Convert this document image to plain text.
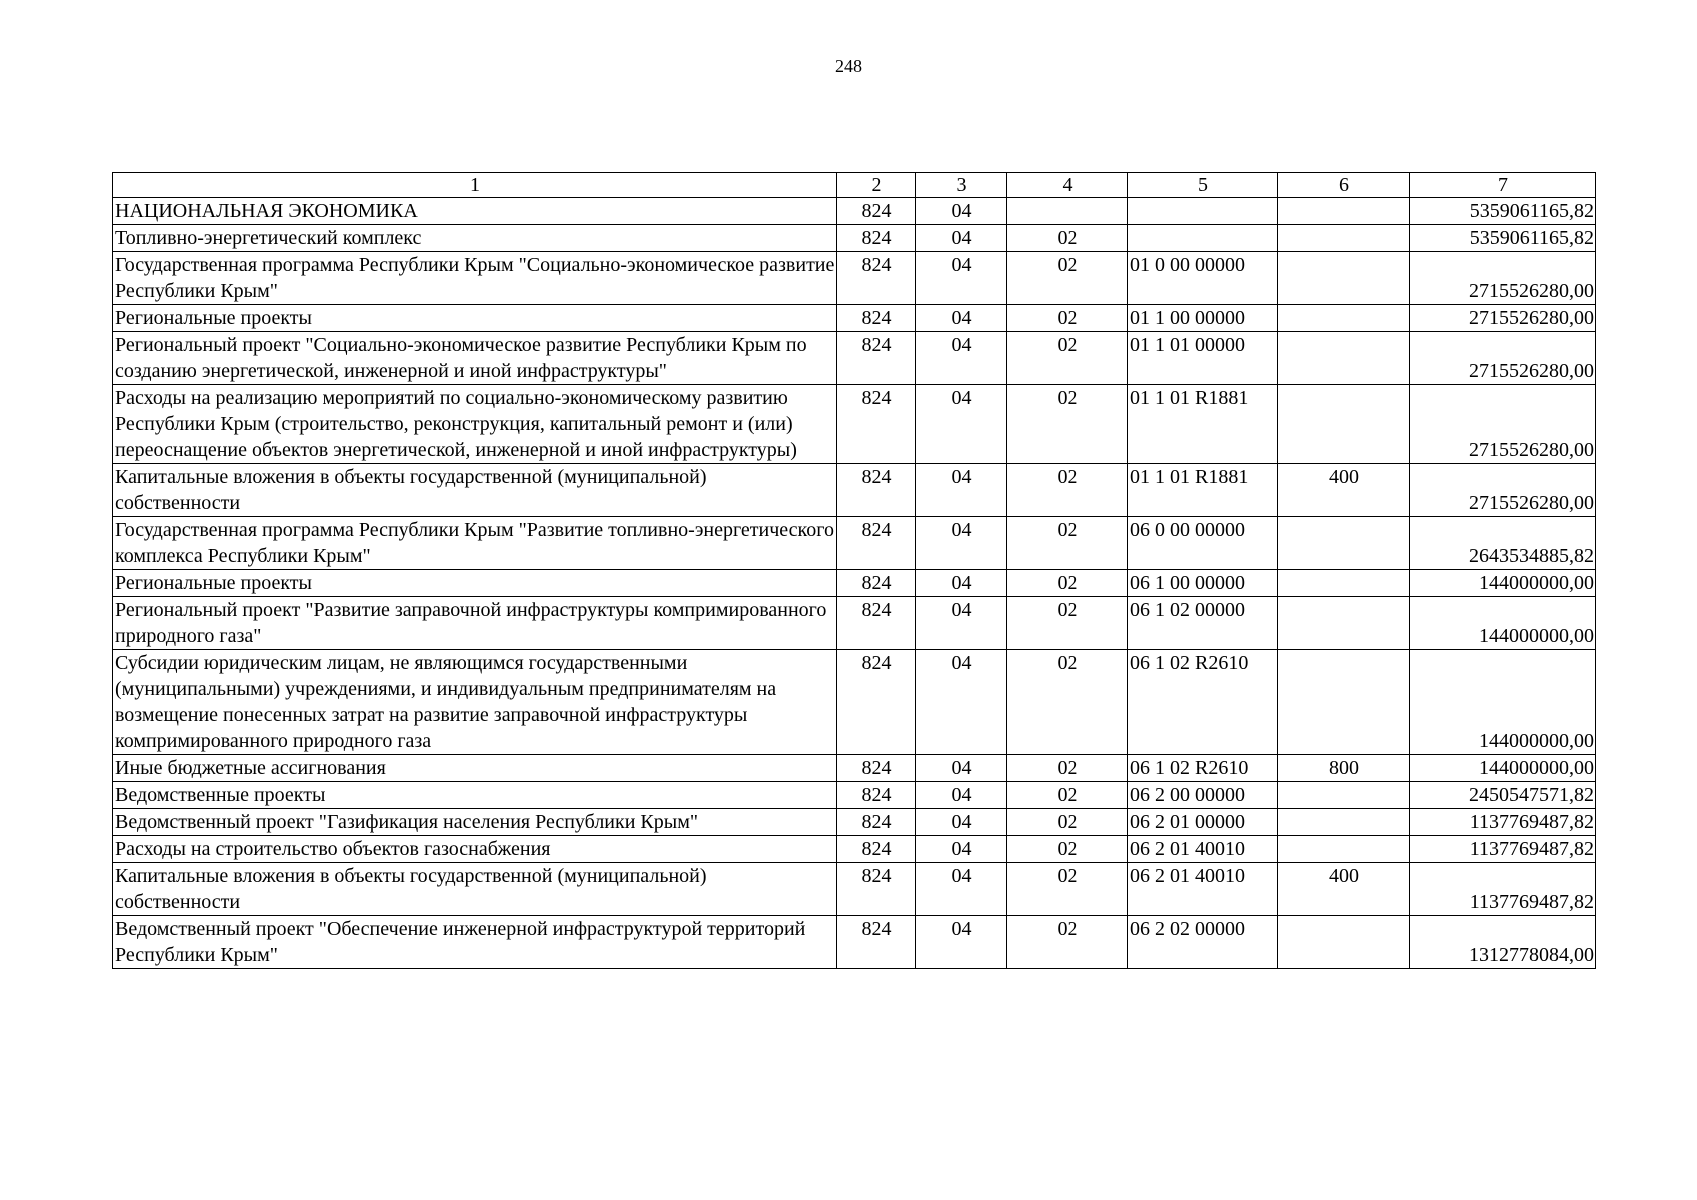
248
1	2	3	4	5	6	7
НАЦИОНАЛЬНАЯ ЭКОНОМИКА	824	04				5359061165,82
Топливно-энергетический комплекс	824	04	02			5359061165,82
Государственная программа Республики Крым "Социально-экономическое развитие Республики Крым"	824	04	02	01 0 00 00000		2715526280,00
Региональные проекты	824	04	02	01 1 00 00000		2715526280,00
Региональный проект "Социально-экономическое развитие Республики Крым по созданию энергетической, инженерной и иной инфраструктуры"	824	04	02	01 1 01 00000		2715526280,00
Расходы на реализацию мероприятий по социально-экономическому развитию Республики Крым (строительство, реконструкция, капитальный ремонт и (или) переоснащение объектов энергетической, инженерной и иной инфраструктуры)	824	04	02	01 1 01 R1881		2715526280,00
Капитальные вложения в объекты государственной (муниципальной) собственности	824	04	02	01 1 01 R1881	400	2715526280,00
Государственная программа Республики Крым "Развитие топливно-энергетического комплекса Республики Крым"	824	04	02	06 0 00 00000		2643534885,82
Региональные проекты	824	04	02	06 1 00 00000		144000000,00
Региональный проект "Развитие заправочной инфраструктуры компримированного природного газа"	824	04	02	06 1 02 00000		144000000,00
Субсидии юридическим лицам, не являющимся государственными (муниципальными) учреждениями, и индивидуальным предпринимателям на возмещение понесенных затрат на развитие заправочной инфраструктуры компримированного природного газа	824	04	02	06 1 02 R2610		144000000,00
Иные бюджетные ассигнования	824	04	02	06 1 02 R2610	800	144000000,00
Ведомственные проекты	824	04	02	06 2 00 00000		2450547571,82
Ведомственный проект "Газификация населения Республики Крым"	824	04	02	06 2 01 00000		1137769487,82
Расходы на строительство объектов газоснабжения	824	04	02	06 2 01 40010		1137769487,82
Капитальные вложения в объекты государственной (муниципальной) собственности	824	04	02	06 2 01 40010	400	1137769487,82
Ведомственный проект "Обеспечение инженерной инфраструктурой территорий Республики Крым"	824	04	02	06 2 02 00000		1312778084,00
